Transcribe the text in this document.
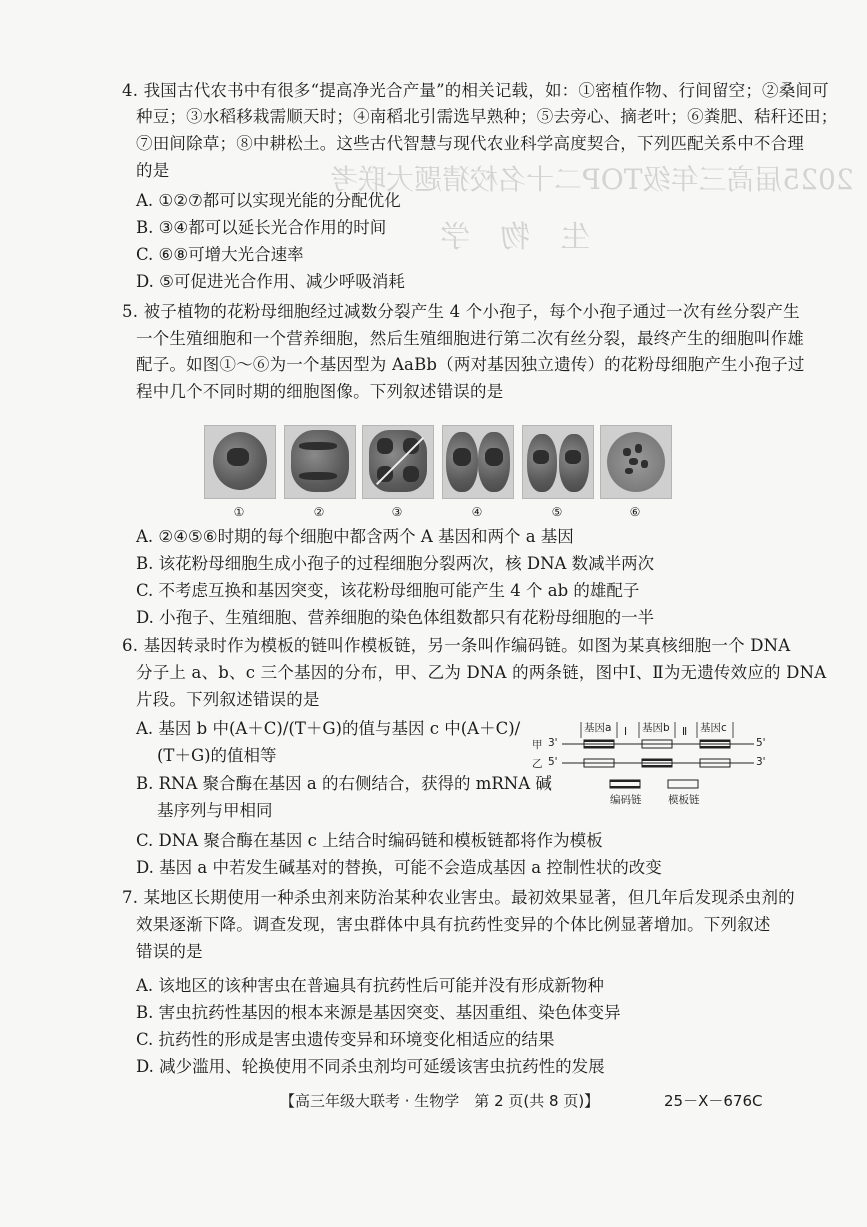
2025届高三年级TOP二十名校猜题大联考
生　物　学
4. 我国古代农书中有很多“提高净光合产量”的相关记载，如：①密植作物、行间留空；②桑间可
种豆；③水稻移栽需顺天时；④南稻北引需选早熟种；⑤去旁心、摘老叶；⑥粪肥、秸秆还田；
⑦田间除草；⑧中耕松土。这些古代智慧与现代农业科学高度契合，下列匹配关系中不合理
的是
A. ①②⑦都可以实现光能的分配优化
B. ③④都可以延长光合作用的时间
C. ⑥⑧可增大光合速率
D. ⑤可促进光合作用、减少呼吸消耗
5. 被子植物的花粉母细胞经过减数分裂产生 4 个小孢子，每个小孢子通过一次有丝分裂产生
一个生殖细胞和一个营养细胞，然后生殖细胞进行第二次有丝分裂，最终产生的细胞叫作雄
配子。如图①～⑥为一个基因型为 AaBb（两对基因独立遗传）的花粉母细胞产生小孢子过
程中几个不同时期的细胞图像。下列叙述错误的是
①	②	③	④	⑤	⑥
A. ②④⑤⑥时期的每个细胞中都含两个 A 基因和两个 a 基因
B. 该花粉母细胞生成小孢子的过程细胞分裂两次，核 DNA 数减半两次
C. 不考虑互换和基因突变，该花粉母细胞可能产生 4 个 ab 的雄配子
D. 小孢子、生殖细胞、营养细胞的染色体组数都只有花粉母细胞的一半
6. 基因转录时作为模板的链叫作模板链，另一条叫作编码链。如图为某真核细胞一个 DNA
分子上 a、b、c 三个基因的分布，甲、乙为 DNA 的两条链，图中Ⅰ、Ⅱ为无遗传效应的 DNA
片段。下列叙述错误的是
A. 基因 b 中(A＋C)/(T＋G)的值与基因 c 中(A＋C)/
(T＋G)的值相等
B. RNA 聚合酶在基因 a 的右侧结合，获得的 mRNA 碱
基序列与甲相同
C. DNA 聚合酶在基因 c 上结合时编码链和模板链都将作为模板
D. 基因 a 中若发生碱基对的替换，可能不会造成基因 a 控制性状的改变
基因a Ⅰ 基因b Ⅱ 基因c
甲 3'	5'
乙 5'	3'
编码链	模板链
7. 某地区长期使用一种杀虫剂来防治某种农业害虫。最初效果显著，但几年后发现杀虫剂的
效果逐渐下降。调查发现，害虫群体中具有抗药性变异的个体比例显著增加。下列叙述
错误的是
A. 该地区的该种害虫在普遍具有抗药性后可能并没有形成新物种
B. 害虫抗药性基因的根本来源是基因突变、基因重组、染色体变异
C. 抗药性的形成是害虫遗传变异和环境变化相适应的结果
D. 减少滥用、轮换使用不同杀虫剂均可延缓该害虫抗药性的发展
【高三年级大联考 · 生物学　第 2 页(共 8 页)】	25－X－676C
